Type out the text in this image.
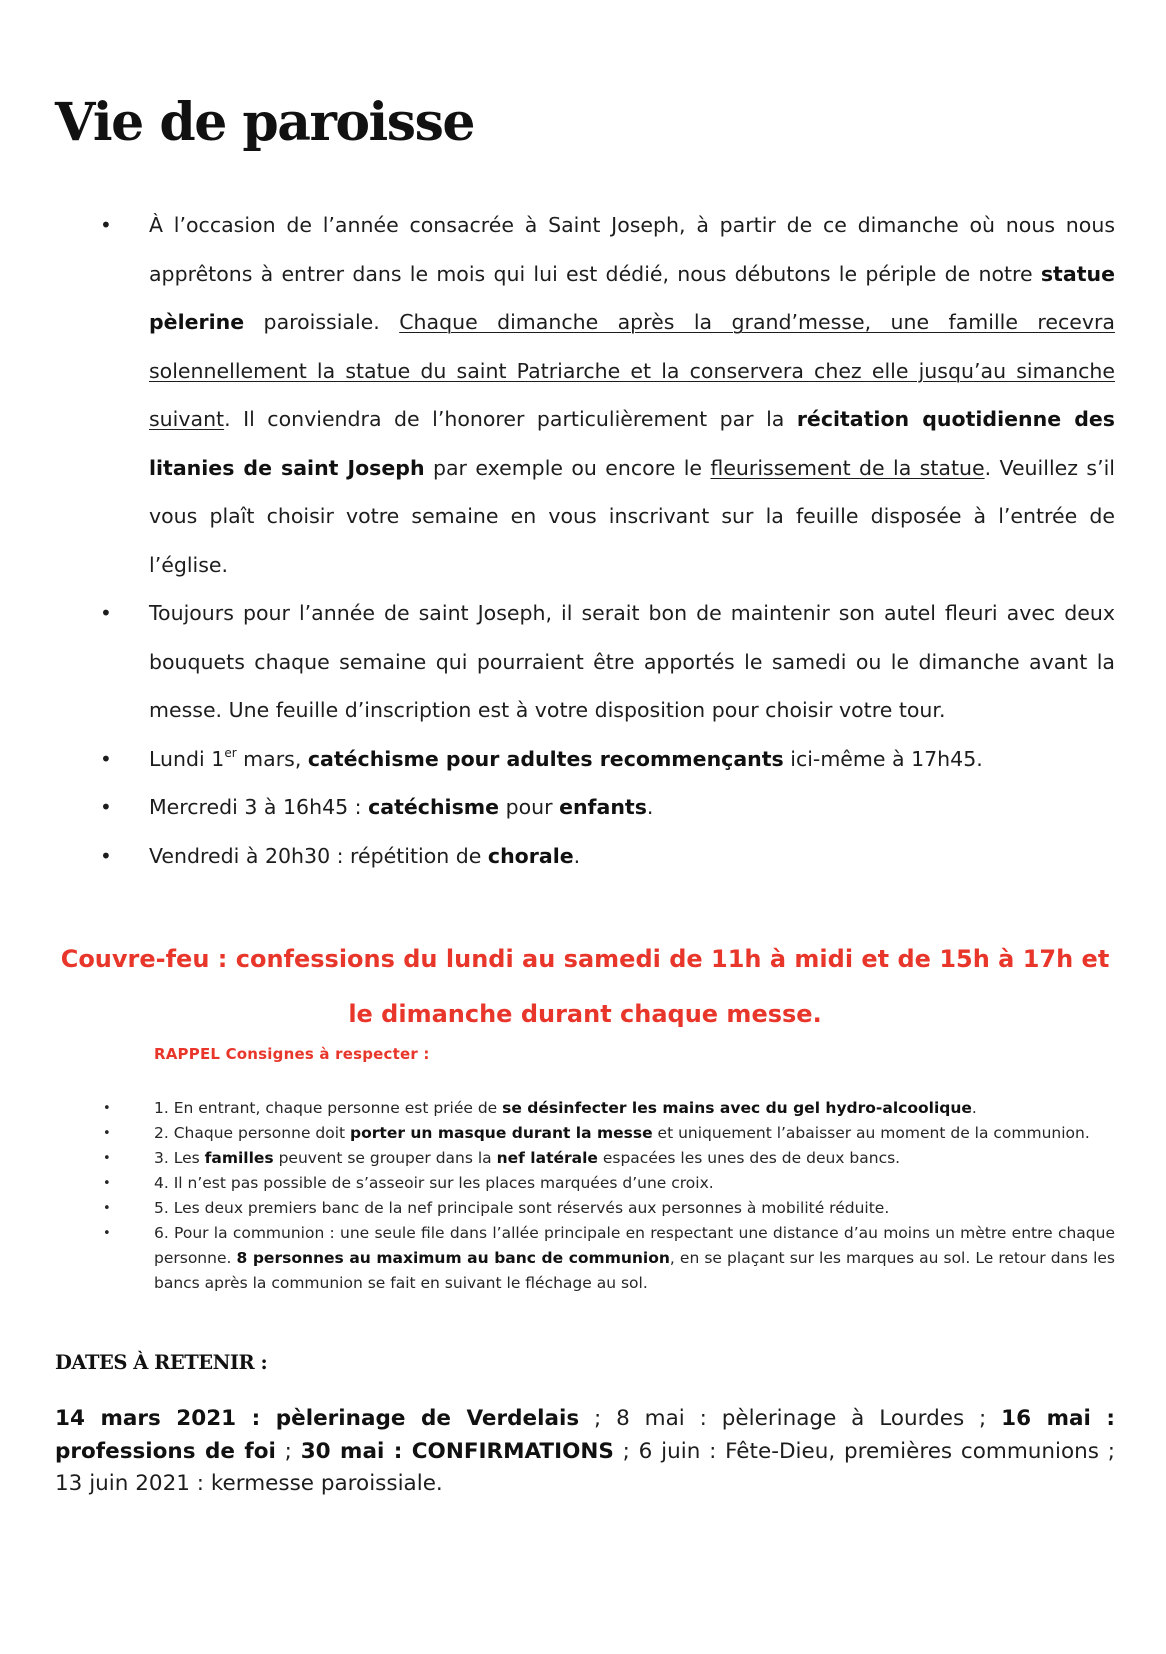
Vie de paroisse
• À l’occasion de l’année consacrée à Saint Joseph, à partir de ce dimanche où nous nous apprêtons à entrer dans le mois qui lui est dédié, nous débutons le périple de notre statue pèlerine paroissiale. Chaque dimanche après la grand’messe, une famille recevra solennellement la statue du saint Patriarche et la conservera chez elle jusqu’au simanche suivant. Il conviendra de l’honorer particulièrement par la récitation quotidienne des litanies de saint Joseph par exemple ou encore le fleurissement de la statue. Veuillez s’il vous plaît choisir votre semaine en vous inscrivant sur la feuille disposée à l’entrée de l’église.
• Toujours pour l’année de saint Joseph, il serait bon de maintenir son autel fleuri avec deux bouquets chaque semaine qui pourraient être apportés le samedi ou le dimanche avant la messe. Une feuille d’inscription est à votre disposition pour choisir votre tour.
• Lundi 1er mars, catéchisme pour adultes recommençants ici-même à 17h45.
• Mercredi 3 à 16h45 : catéchisme pour enfants.
• Vendredi à 20h30 : répétition de chorale.
Couvre-feu : confessions du lundi au samedi de 11h à midi et de 15h à 17h et
le dimanche durant chaque messe.

RAPPEL Consignes à respecter :

•	1. En entrant, chaque personne est priée de se désinfecter les mains avec du gel hydro-alcoolique.
•	2. Chaque personne doit porter un masque durant la messe et uniquement l’abaisser au moment de la communion.
•	3. Les familles peuvent se grouper dans la nef latérale espacées les unes des de deux bancs.
•	4. Il n’est pas possible de s’asseoir sur les places marquées d’une croix.
•	5. Les deux premiers banc de la nef principale sont réservés aux personnes à mobilité réduite.
•	6. Pour la communion : une seule file dans l’allée principale en respectant une distance d’au moins un mètre entre chaque personne. 8 personnes au maximum au banc de communion, en se plaçant sur les marques au sol. Le retour dans les bancs après la communion se fait en suivant le fléchage au sol.
DATES À RETENIR :

14 mars 2021 : pèlerinage de Verdelais ; 8 mai : pèlerinage à Lourdes ; 16 mai : professions de foi ; 30 mai : CONFIRMATIONS ; 6 juin : Fête-Dieu, premières communions ; 13 juin 2021 : kermesse paroissiale.
